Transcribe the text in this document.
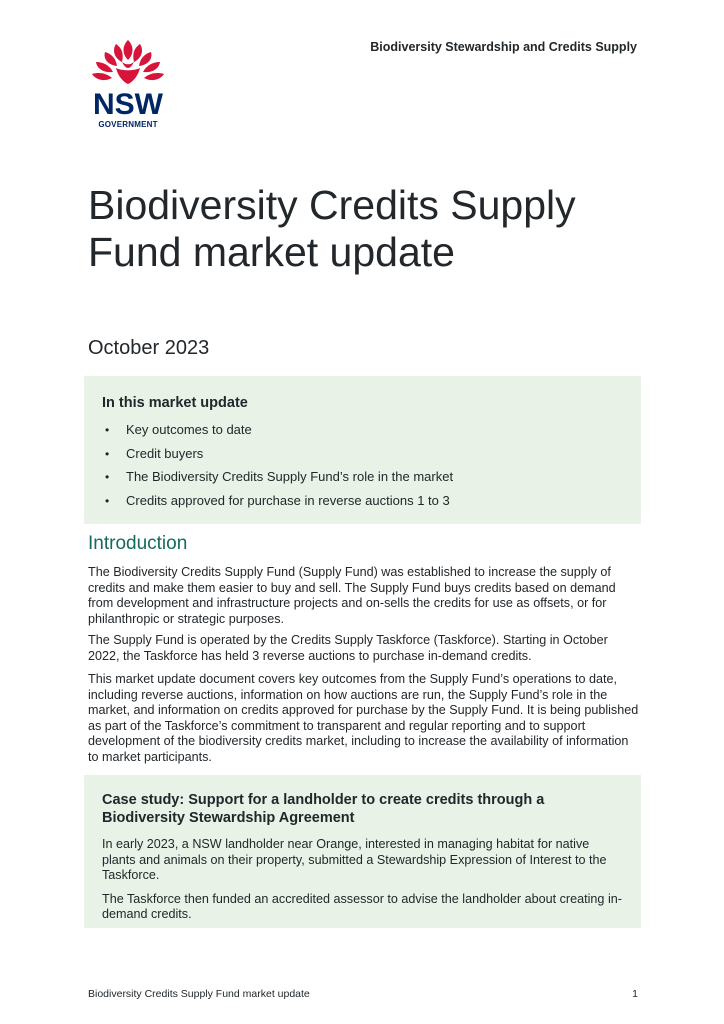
NSW
GOVERNMENT
Biodiversity Stewardship and Credits Supply
Biodiversity Credits Supply Fund market update
October 2023
In this market update
• Key outcomes to date
• Credit buyers
• The Biodiversity Credits Supply Fund’s role in the market
• Credits approved for purchase in reverse auctions 1 to 3
Introduction

The Biodiversity Credits Supply Fund (Supply Fund) was established to increase the supply of credits and make them easier to buy and sell. The Supply Fund buys credits based on demand from development and infrastructure projects and on-sells the credits for use as offsets, or for philanthropic or strategic purposes.

The Supply Fund is operated by the Credits Supply Taskforce (Taskforce). Starting in October 2022, the Taskforce has held 3 reverse auctions to purchase in-demand credits.

This market update document covers key outcomes from the Supply Fund’s operations to date, including reverse auctions, information on how auctions are run, the Supply Fund’s role in the market, and information on credits approved for purchase by the Supply Fund. It is being published as part of the Taskforce’s commitment to transparent and regular reporting and to support development of the biodiversity credits market, including to increase the availability of information to market participants.

Case study: Support for a landholder to create credits through a Biodiversity Stewardship Agreement

In early 2023, a NSW landholder near Orange, interested in managing habitat for native plants and animals on their property, submitted a Stewardship Expression of Interest to the Taskforce.

The Taskforce then funded an accredited assessor to advise the landholder about creating in-demand credits.

Biodiversity Credits Supply Fund market update	1
